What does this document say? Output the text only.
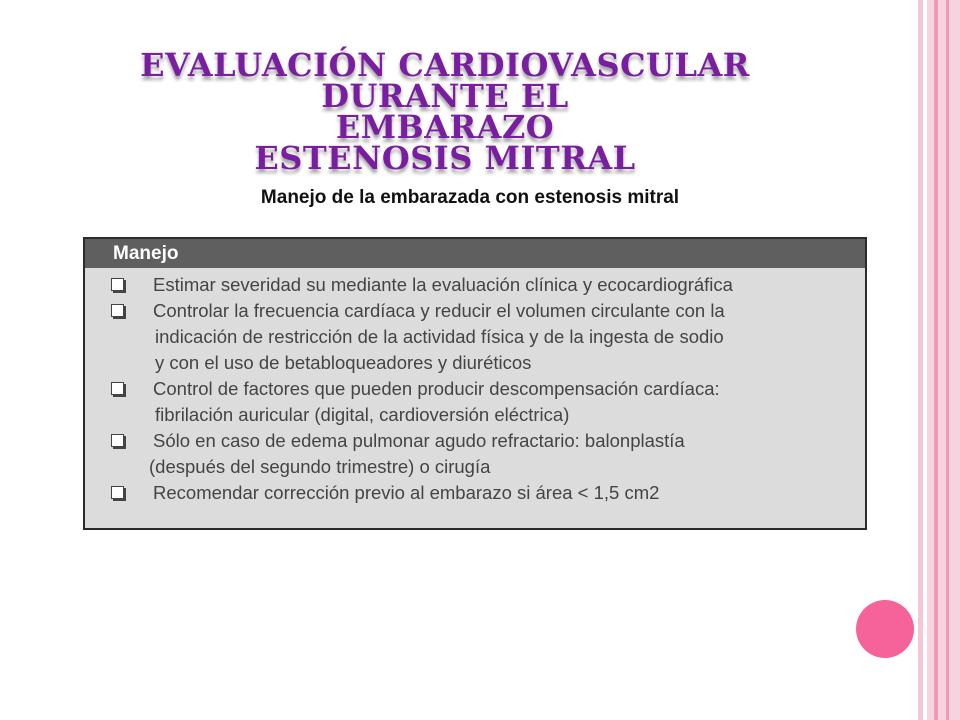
EVALUACIÓN CARDIOVASCULAR DURANTE EL
EMBARAZO
ESTENOSIS MITRAL

Manejo de la embarazada con estenosis mitral

Manejo
Estimar severidad su mediante la evaluación clínica y ecocardiográfica
Controlar la frecuencia cardíaca y reducir el volumen circulante con la
indicación de restricción de la actividad física y de la ingesta de sodio
y con el uso de betabloqueadores y diuréticos
Control de factores que pueden producir descompensación cardíaca:
fibrilación auricular (digital, cardioversión eléctrica)
Sólo en caso de edema pulmonar agudo refractario: balonplastía
(después del segundo trimestre) o cirugía
Recomendar corrección previo al embarazo si área < 1,5 cm2
